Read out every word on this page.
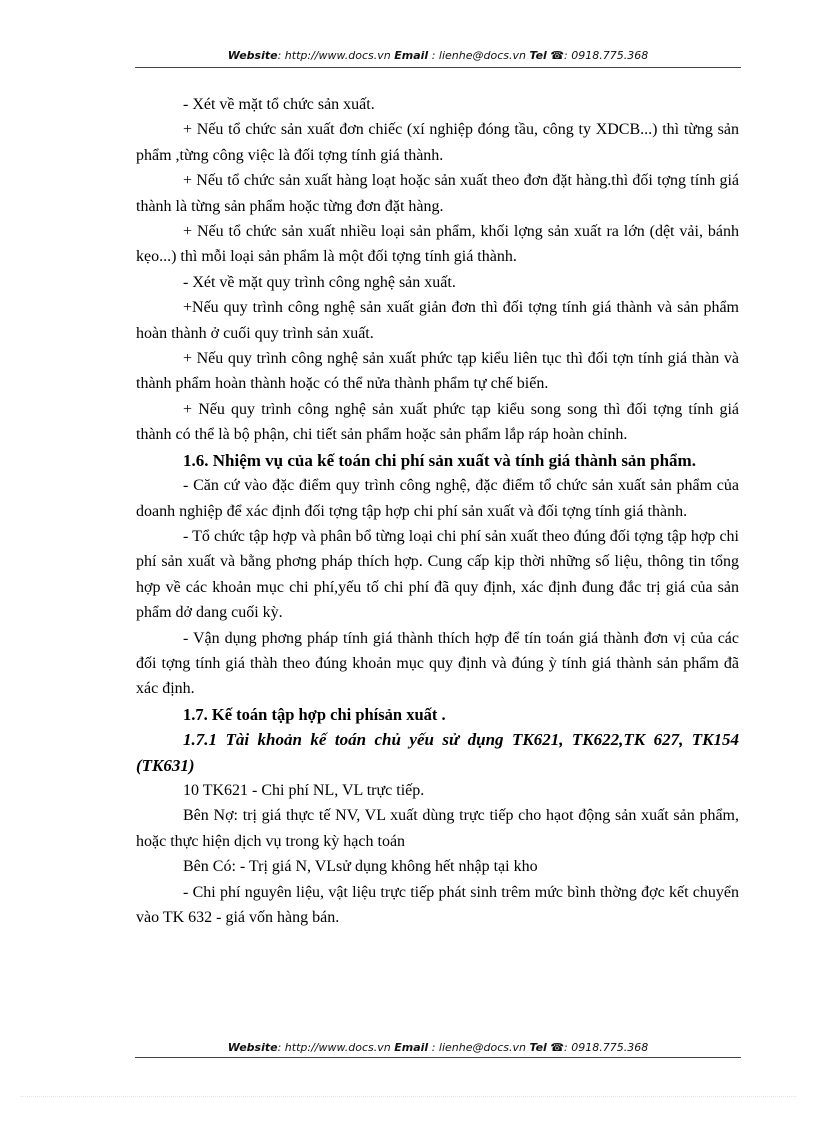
Website: http://www.docs.vn Email : lienhe@docs.vn Tel ☎: 0918.775.368

- Xét về mặt tổ chức sản xuất.

+ Nếu tổ chức sản xuất đơn chiếc (xí nghiệp đóng tầu, công ty XDCB...) thì từng sản phẩm ,từng công việc là đối tợng tính giá thành.

+ Nếu tổ chức sản xuất hàng loạt hoặc sản xuất theo đơn đặt hàng.thì đối tợng tính giá thành là từng sản phẩm hoặc từng đơn đặt hàng.

+ Nếu tổ chức sản xuất nhiều loại sản phẩm, khối lợng sản xuất ra lớn (dệt vải, bánh kẹo...) thì mỗi loại sản phẩm là một đối tợng tính giá thành.

- Xét về mặt quy trình công nghệ sản xuất.

+Nếu quy trình công nghệ sản xuất giản đơn thì đối tợng tính giá thành và sản phẩm hoàn thành ở cuối quy trình sản xuất.

+ Nếu quy trình công nghệ sản xuất phức tạp kiểu liên tục thì đối tợn tính giá thàn và thành phẩm hoàn thành hoặc có thể nửa thành phẩm tự chế biến.

+ Nếu quy trình công nghệ sản xuất phức tạp kiểu song song thì đối tợng tính giá thành có thể là bộ phận, chi tiết sản phẩm hoặc sản phẩm lắp ráp hoàn chỉnh.

1.6. Nhiệm vụ của kế toán chi phí sản xuất và tính giá thành sản phẩm.

- Căn cứ vào đặc điểm quy trình công nghệ, đặc điểm tổ chức sản xuất sản phẩm của doanh nghiệp để xác định đối tợng tập hợp chi phí sản xuất và đối tợng tính giá thành.

- Tổ chức tập hợp và phân bổ từng loại chi phí sản xuất theo đúng đối tợng tập hợp chi phí sản xuất và bằng phơng pháp thích hợp. Cung cấp kịp thời những số liệu, thông tin tổng hợp về các khoản mục chi phí,yếu tố chi phí đã quy định, xác định đung đắc trị giá của sản phẩm dở dang cuối kỳ.

- Vận dụng phơng pháp tính giá thành thích hợp để tín toán giá thành đơn vị của các đối tợng tính giá thàh theo đúng khoản mục quy định và đúng ỳ tính giá thành sản phẩm đã xác định.

1.7. Kế toán tập hợp chi phísản xuất .

1.7.1 Tài khoản kế toán chủ yếu sử dụng TK621, TK622,TK 627, TK154 (TK631)

10 TK621 - Chi phí NL, VL trực tiếp.

Bên Nợ: trị giá thực tế NV, VL xuất dùng trực tiếp cho hạot động sản xuất sản phẩm, hoặc thực hiện dịch vụ trong kỳ hạch toán

Bên Có: - Trị giá N, VLsử dụng không hết nhập tại kho

- Chi phí nguyên liệu, vật liệu trực tiếp phát sinh trêm mức bình thờng đợc kết chuyển vào TK 632 - giá vốn hàng bán.

Website: http://www.docs.vn Email : lienhe@docs.vn Tel ☎: 0918.775.368
